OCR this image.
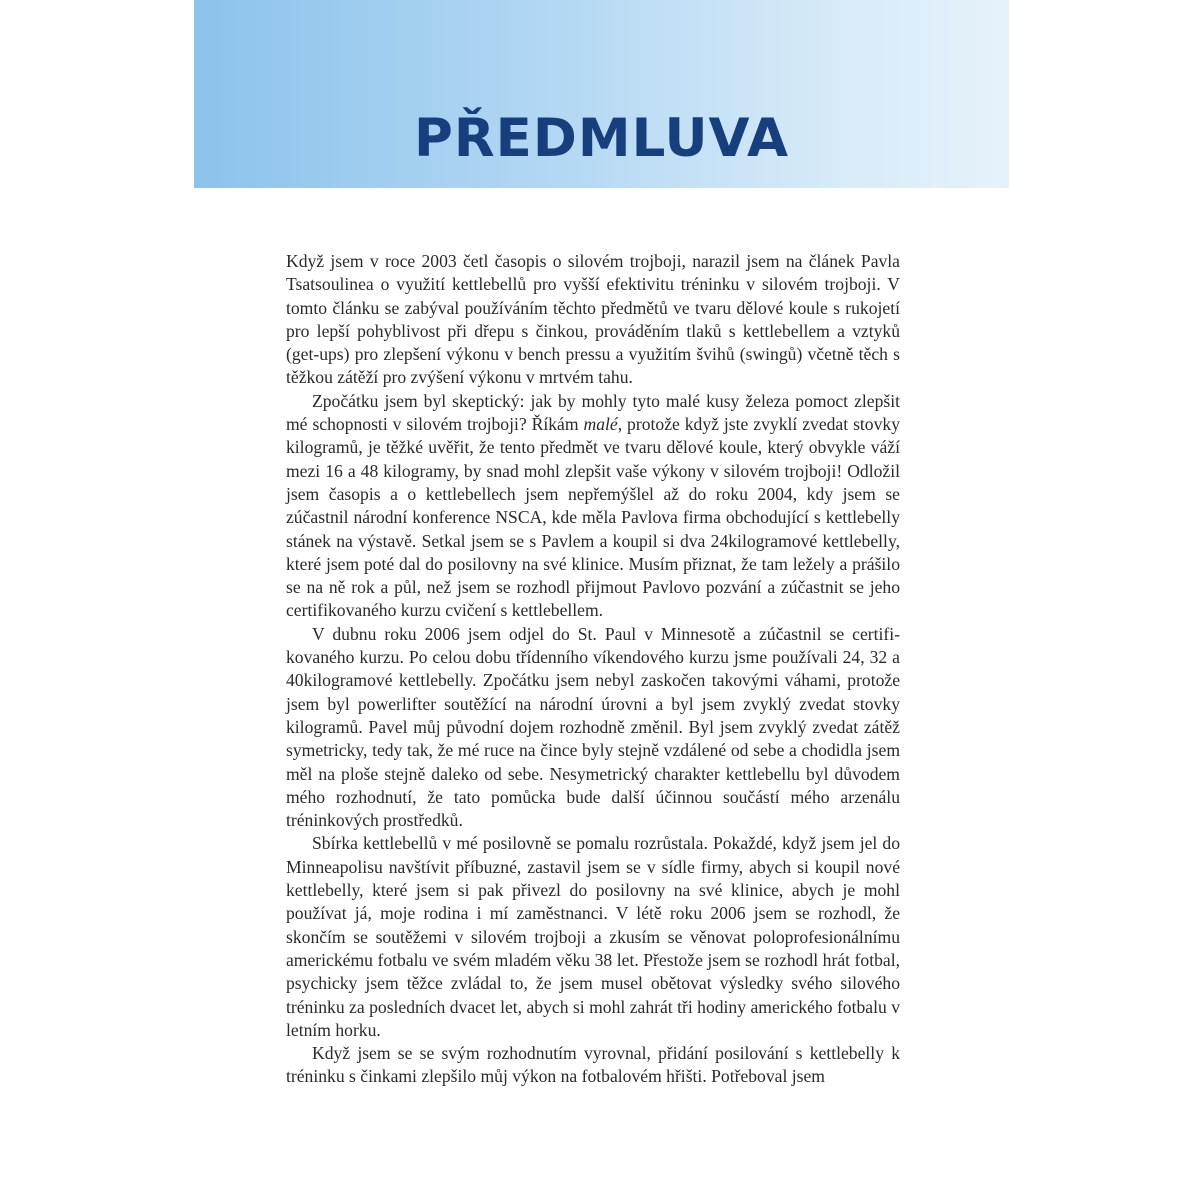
PŘEDMLUVA

Když jsem v roce 2003 četl časopis o silovém trojboji, narazil jsem na článek Pavla Tsatsoulinea o využití kettlebellů pro vyšší efektivitu tréninku v silovém trojboji. V tomto článku se zabýval používáním těchto předmětů ve tvaru dělové koule s rukojetí pro lepší pohyblivost při dřepu s činkou, prováděním tlaků s kettlebellem a vztyků (get-ups) pro zlepšení výkonu v bench pressu a využitím švihů (swingů) včetně těch s těžkou zátěží pro zvýšení výkonu v mrtvém tahu.

Zpočátku jsem byl skeptický: jak by mohly tyto malé kusy železa pomoct zlepšit mé schopnosti v silovém trojboji? Říkám malé, protože když jste zvyklí zvedat stovky kilogramů, je těžké uvěřit, že tento předmět ve tvaru dělové koule, který obvykle váží mezi 16 a 48 kilogramy, by snad mohl zlepšit vaše výkony v silovém trojboji! Odložil jsem časopis a o kettlebellech jsem nepřemýšlel až do roku 2004, kdy jsem se zúčastnil národní konference NSCA, kde měla Pavlova firma obchodující s kettlebelly stánek na výstavě. Setkal jsem se s Pavlem a koupil si dva 24kilogramové kettlebelly, které jsem poté dal do posilovny na své klinice. Musím přiznat, že tam ležely a prášilo se na ně rok a půl, než jsem se rozhodl přijmout Pavlovo pozvání a zúčastnit se jeho certifikovaného kurzu cvičení s kettlebellem.

V dubnu roku 2006 jsem odjel do St. Paul v Minnesotě a zúčastnil se certifikovaného kurzu. Po celou dobu třídenního víkendového kurzu jsme používali 24, 32 a 40kilogramové kettlebelly. Zpočátku jsem nebyl zaskočen takovými váhami, protože jsem byl powerlifter soutěžící na národní úrovni a byl jsem zvyklý zvedat stovky kilogramů. Pavel můj původní dojem rozhodně změnil. Byl jsem zvyklý zvedat zátěž symetricky, tedy tak, že mé ruce na čince byly stejně vzdálené od sebe a chodidla jsem měl na ploše stejně daleko od sebe. Nesymetrický charakter kettlebellu byl důvodem mého rozhodnutí, že tato pomůcka bude další účinnou součástí mého arzenálu tréninkových prostředků.

Sbírka kettlebellů v mé posilovně se pomalu rozrůstala. Pokaždé, když jsem jel do Minneapolisu navštívit příbuzné, zastavil jsem se v sídle firmy, abych si koupil nové kettlebelly, které jsem si pak přivezl do posilovny na své klinice, abych je mohl používat já, moje rodina i mí zaměstnanci. V létě roku 2006 jsem se rozhodl, že skončím se soutěžemi v silovém trojboji a zkusím se věnovat poloprofesionálnímu americkému fotbalu ve svém mladém věku 38 let. Přestože jsem se rozhodl hrát fotbal, psychicky jsem těžce zvládal to, že jsem musel obětovat výsledky svého silového tréninku za posledních dvacet let, abych si mohl zahrát tři hodiny amerického fotbalu v letním horku.

Když jsem se se svým rozhodnutím vyrovnal, přidání posilování s kettlebelly k tréninku s činkami zlepšilo můj výkon na fotbalovém hřišti. Potřeboval jsem
